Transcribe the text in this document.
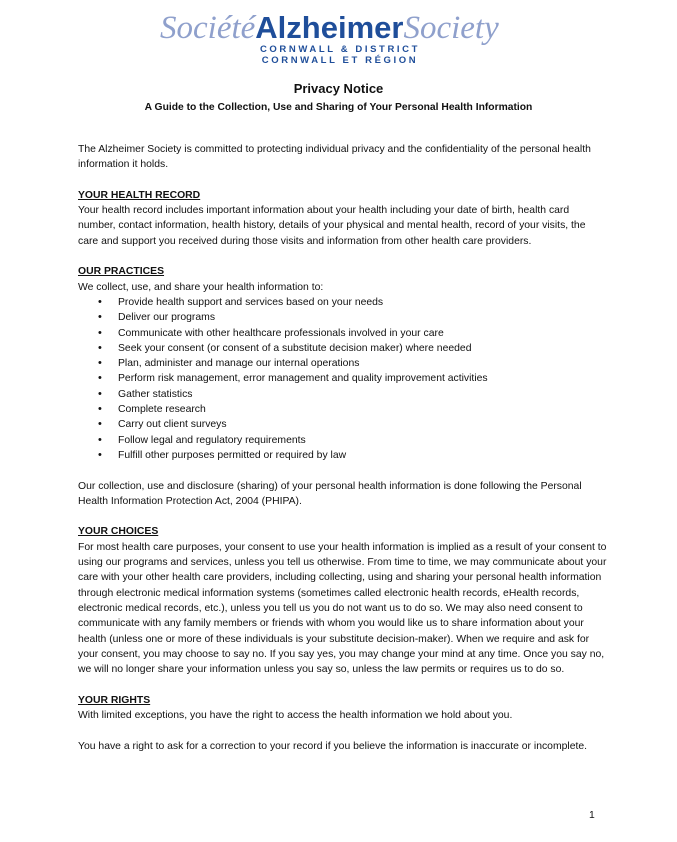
SociétéAlzheimerSociety
CORNWALL & DISTRICT
CORNWALL ET RÉGION
Privacy Notice
A Guide to the Collection, Use and Sharing of Your Personal Health Information

The Alzheimer Society is committed to protecting individual privacy and the confidentiality of the personal health information it holds.

YOUR HEALTH RECORD

Your health record includes important information about your health including your date of birth, health card number, contact information, health history, details of your physical and mental health, record of your visits, the care and support you received during those visits and information from other health care providers.

OUR PRACTICES

We collect, use, and share your health information to:

• Provide health support and services based on your needs
• Deliver our programs
• Communicate with other healthcare professionals involved in your care
• Seek your consent (or consent of a substitute decision maker) where needed
• Plan, administer and manage our internal operations
• Perform risk management, error management and quality improvement activities
• Gather statistics
• Complete research
• Carry out client surveys
• Follow legal and regulatory requirements
• Fulfill other purposes permitted or required by law

Our collection, use and disclosure (sharing) of your personal health information is done following the Personal Health Information Protection Act, 2004 (PHIPA).

YOUR CHOICES

For most health care purposes, your consent to use your health information is implied as a result of your consent to using our programs and services, unless you tell us otherwise. From time to time, we may communicate about your care with your other health care providers, including collecting, using and sharing your personal health information through electronic medical information systems (sometimes called electronic health records, eHealth records, electronic medical records, etc.), unless you tell us you do not want us to do so. We may also need consent to communicate with any family members or friends with whom you would like us to share information about your health (unless one or more of these individuals is your substitute decision-maker). When we require and ask for your consent, you may choose to say no. If you say yes, you may change your mind at any time. Once you say no, we will no longer share your information unless you say so, unless the law permits or requires us to do so.

YOUR RIGHTS

With limited exceptions, you have the right to access the health information we hold about you.

You have a right to ask for a correction to your record if you believe the information is inaccurate or incomplete.

1
